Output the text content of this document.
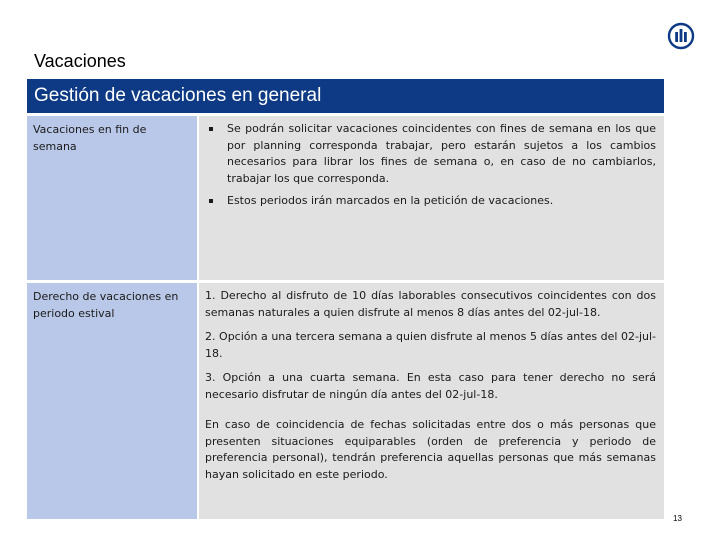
Vacaciones
Gestión de vacaciones en general
Vacaciones en fin de semana
Se podrán solicitar vacaciones coincidentes con fines de semana en los que por planning corresponda trabajar, pero estarán sujetos a los cambios necesarios para librar los fines de semana o, en caso de no cambiarlos, trabajar los que corresponda.
Estos periodos irán marcados en la petición de vacaciones.
Derecho de vacaciones en periodo estival

1. Derecho al disfruto de 10 días laborables consecutivos coincidentes con dos semanas naturales a quien disfrute al menos 8 días antes del 02-jul-18.

2. Opción a una tercera semana a quien disfrute al menos 5 días antes del 02-jul-18.

3. Opción a una cuarta semana. En esta caso para tener derecho no será necesario disfrutar de ningún día antes del 02-jul-18.

En caso de coincidencia de fechas solicitadas entre dos o más personas que presenten situaciones equiparables (orden de preferencia y periodo de preferencia personal), tendrán preferencia aquellas personas que más semanas hayan solicitado en este periodo.

13
